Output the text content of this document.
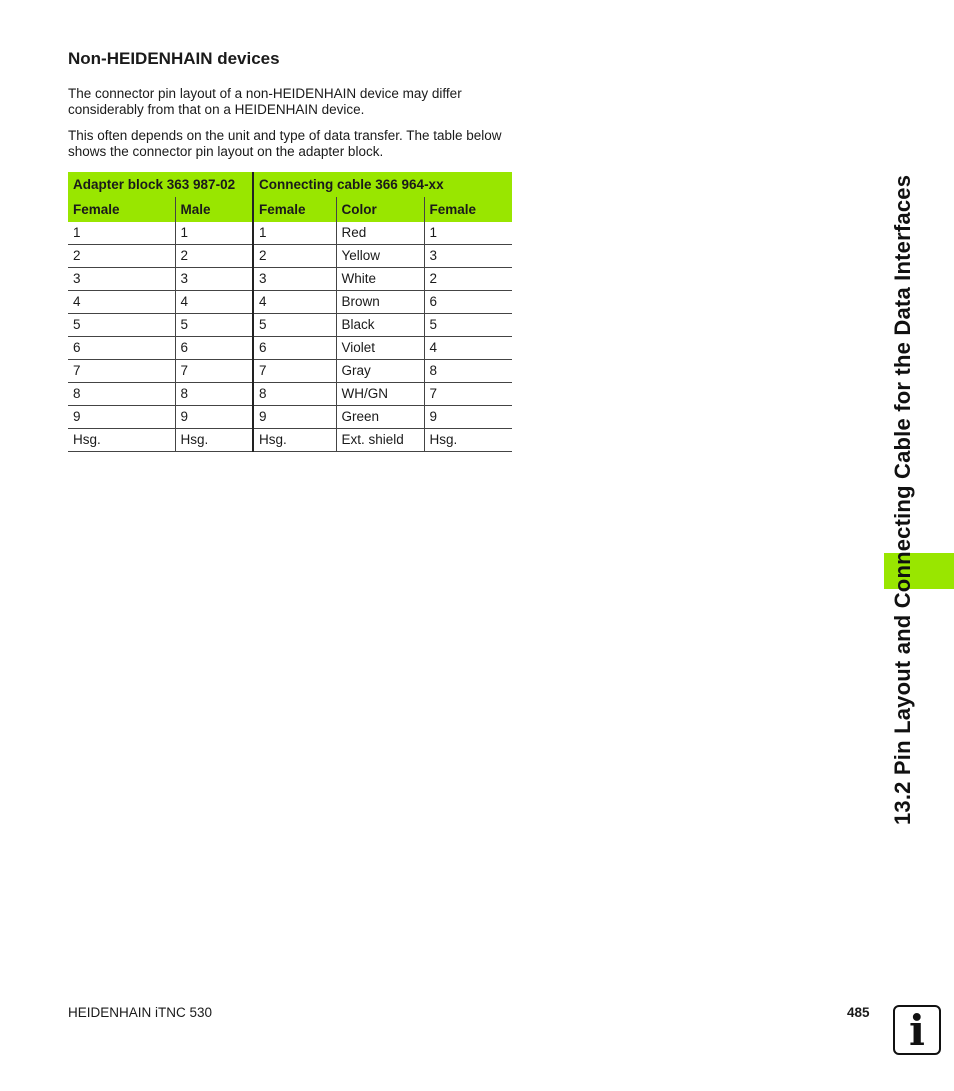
Non-HEIDENHAIN devices

The connector pin layout of a non-HEIDENHAIN device may differ considerably from that on a HEIDENHAIN device.

This often depends on the unit and type of data transfer. The table below shows the connector pin layout on the adapter block.

Adapter block 363 987-02		Connecting cable 366 964-xx		
Female	Male	Female	Color	Female
1	1	1	Red	1
2	2	2	Yellow	3
3	3	3	White	2
4	4	4	Brown	6
5	5	5	Black	5
6	6	6	Violet	4
7	7	7	Gray	8
8	8	8	WH/GN	7
9	9	9	Green	9
Hsg.	Hsg.	Hsg.	Ext. shield	Hsg.	13.2 Pin Layout and Connecting Cable for the Data Interfaces
HEIDENHAIN iTNC 530	485 i
